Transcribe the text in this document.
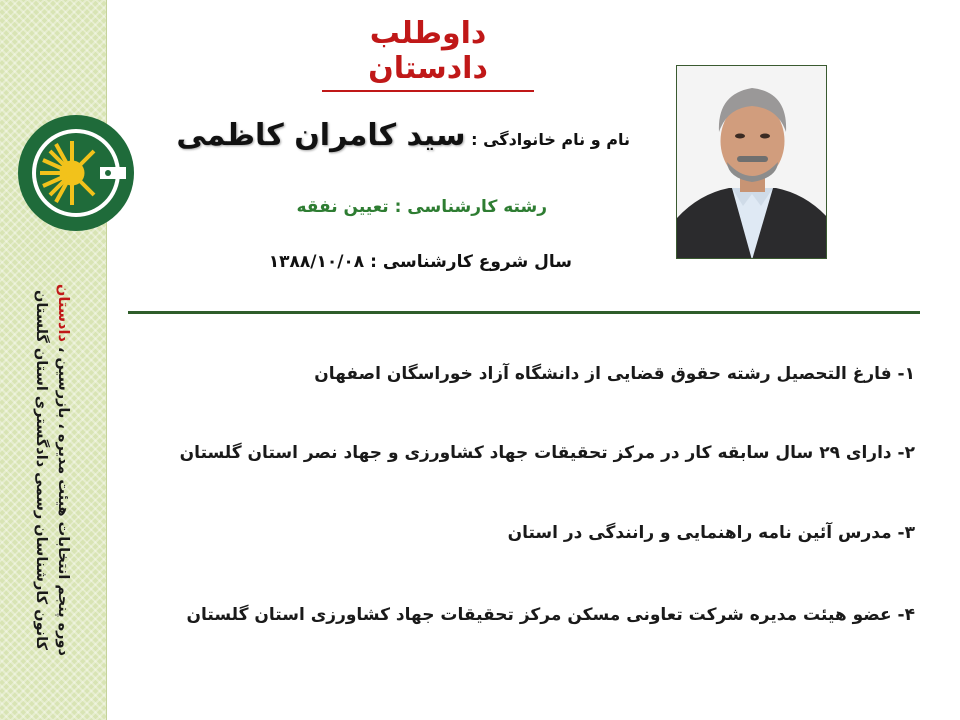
دوره پنجم انتخابات هیئت مدیره ، بازرسین ، دادستان
کانون کارشناسان رسمی دادگستری استان گلستان
داوطلب دادستان
نام و نام خانوادگی : سید کامران کاظمی
رشته کارشناسی : تعیین نفقه
سال شروع کارشناسی : ۱۳۸۸/۱۰/۰۸
۱- فارغ التحصیل رشته حقوق قضایی از دانشگاه آزاد خوراسگان اصفهان
۲- دارای ۲۹ سال سابقه کار در مرکز تحقیقات جهاد کشاورزی و جهاد نصر استان گلستان
۳- مدرس آئین نامه راهنمایی و رانندگی در استان
۴- عضو هیئت مدیره شرکت تعاونی مسکن مرکز تحقیقات جهاد کشاورزی استان گلستان
